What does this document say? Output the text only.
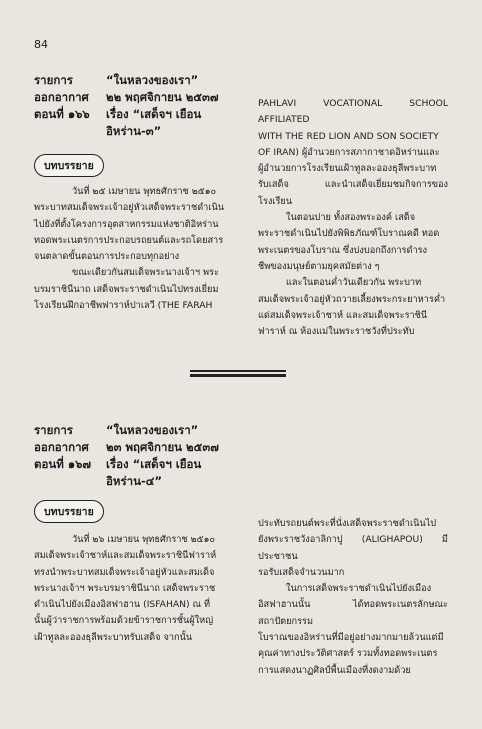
84
รายการ	“ในหลวงของเรา”
ออกอากาศ	๒๒ พฤศจิกายน ๒๕๓๗
ตอนที่ ๑๖๖	เรื่อง “เสด็จฯ เยือน
อิหร่าน-๓”
บทบรรยาย

วันที่ ๒๕ เมษายน พุทธศักราช ๒๕๑๐

พระบาทสมเด็จพระเจ้าอยู่หัวเสด็จพระราชดำเนิน

ไปยังที่ตั้งโครงการอุตสาหกรรมแห่งชาติอิหร่าน

ทอดพระเนตรการประกอบรถยนต์และรถโดยสาร

จนตลาดขั้นตอนการประกอบทุกอย่าง

ขณะเดียวกันสมเด็จพระนางเจ้าฯ พระ

บรมราชินีนาถ เสด็จพระราชดำเนินไปทรงเยี่ยม

โรงเรียนฝึกอาชีพฟาราห์ปาเลวี (THE FARAH

PAHLAVI VOCATIONAL SCHOOL AFFILIATED

WITH THE RED LION AND SON SOCIETY

OF IRAN) ผู้อำนวยการสภากาชาดอิหร่านและ

ผู้อำนวยการโรงเรียนเฝ้าทูลละอองธุลีพระบาท

รับเสด็จ และนำเสด็จเยี่ยมชมกิจการของโรงเรียน

ในตอนบ่าย ทั้งสองพระองค์ เสด็จ

พระราชดำเนินไปยังพิพิธภัณฑ์โบราณคดี ทอด

พระเนตรของโบราณ ซึ่งบ่งบอกถึงการดำรง

ชีพของมนุษย์ตามยุคสมัยต่าง ๆ

และในตอนค่ำวันเดียวกัน พระบาท

สมเด็จพระเจ้าอยู่หัวถวายเลี้ยงพระกระยาหารค่ำ

แด่สมเด็จพระเจ้าชาห์ และสมเด็จพระราชินี

ฟาราห์ ณ ห้องแม่ในพระราชวังที่ประทับ

รายการ	“ในหลวงของเรา”
ออกอากาศ	๒๓ พฤศจิกายน ๒๕๓๗
ตอนที่ ๑๖๗	เรื่อง “เสด็จฯ เยือน
อิหร่าน-๔”
บทบรรยาย

วันที่ ๒๖ เมษายน พุทธศักราช ๒๕๑๐

สมเด็จพระเจ้าชาห์และสมเด็จพระราชินีฟาราห์

ทรงนำพระบาทสมเด็จพระเจ้าอยู่หัวและสมเด็จ

พระนางเจ้าฯ พระบรมราชินีนาถ เสด็จพระราช

ดำเนินไปยังเมืองอิสฟาฮาน (ISFAHAN) ณ ที่

นั้นผู้ว่าราชการพร้อมด้วยข้าราชการชั้นผู้ใหญ่

เฝ้าทูลละอองธุลีพระบาทรับเสด็จ จากนั้น

ประทับรถยนต์พระที่นั่งเสด็จพระราชดำเนินไป

ยังพระราชวังอาลิกาปู (ALIGHAPOU) มีประชาชน

รอรับเสด็จจำนวนมาก

ในการเสด็จพระราชดำเนินไปยังเมือง

อิสฟาฮานนั้น ได้ทอดพระเนตรลักษณะสถาปัตยกรรม

โบราณของอิหร่านที่มีอยู่อย่างมากมายล้วนแต่มี

คุณค่าทางประวัติศาสตร์ รวมทั้งทอดพระเนตร

การแสดงนาฏศิลป์พื้นเมืองที่งดงามด้วย
